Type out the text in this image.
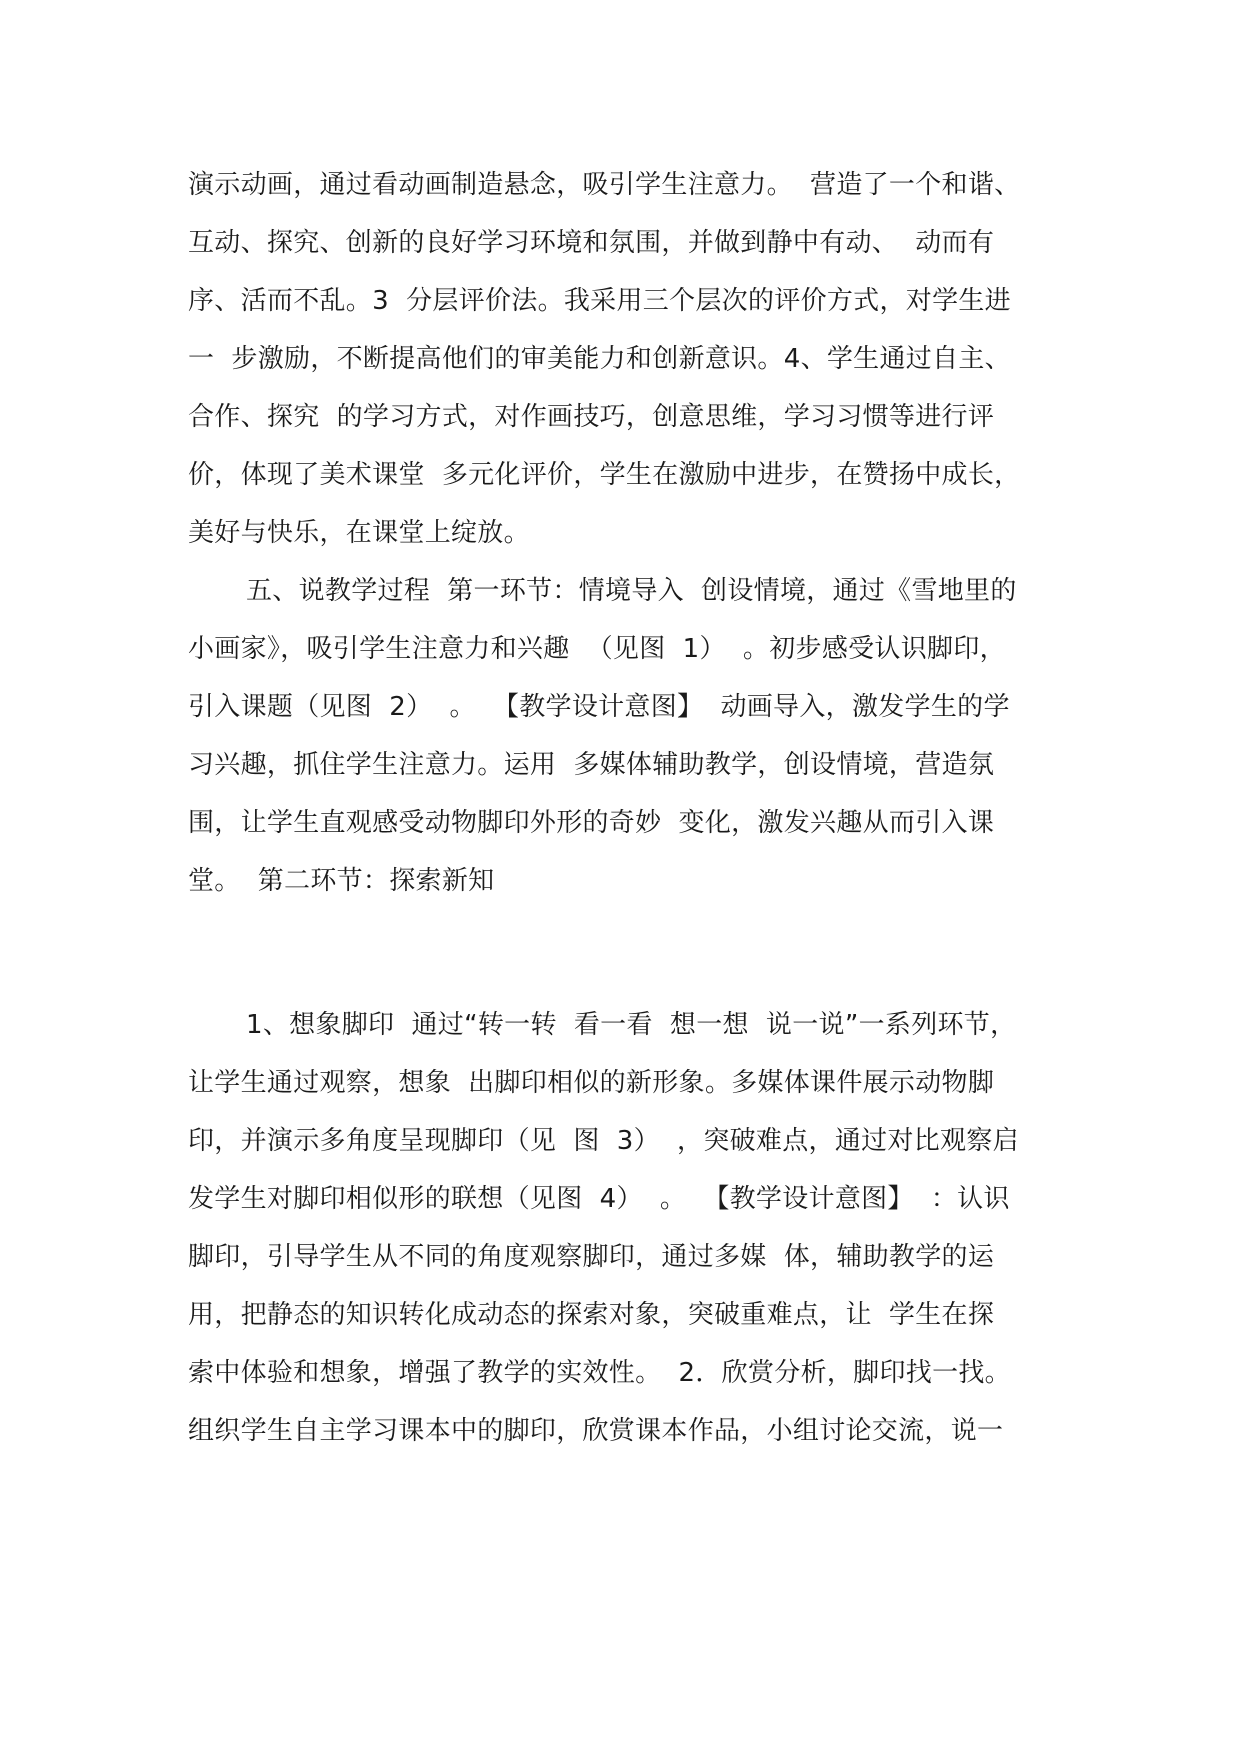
演示动画，通过看动画制造悬念，吸引学生注意力。  营造了一个和谐、
互动、探究、创新的良好学习环境和氛围，并做到静中有动、  动而有
序、活而不乱。3  分层评价法。我采用三个层次的评价方式，对学生进
一  步激励，不断提高他们的审美能力和创新意识。4、学生通过自主、
合作、探究  的学习方式，对作画技巧，创意思维，学习习惯等进行评
价，体现了美术课堂  多元化评价，学生在激励中进步，在赞扬中成长，
美好与快乐，在课堂上绽放。
五、说教学过程  第一环节：情境导入  创设情境，通过《雪地里的
小画家》，吸引学生注意力和兴趣  （见图  1）  。初步感受认识脚印，
引入课题（见图  2）  。  【教学设计意图】  动画导入，激发学生的学
习兴趣，抓住学生注意力。运用  多媒体辅助教学，创设情境，营造氛
围，让学生直观感受动物脚印外形的奇妙  变化，激发兴趣从而引入课
堂。  第二环节：探索新知
1、想象脚印  通过“转一转  看一看  想一想  说一说”一系列环节，
让学生通过观察，想象  出脚印相似的新形象。多媒体课件展示动物脚
印，并演示多角度呈现脚印（见  图  3）  ，突破难点，通过对比观察启
发学生对脚印相似形的联想（见图  4）  。  【教学设计意图】  ：认识
脚印，引导学生从不同的角度观察脚印，通过多媒  体，辅助教学的运
用，把静态的知识转化成动态的探索对象，突破重难点，让  学生在探
索中体验和想象，增强了教学的实效性。  2．欣赏分析，脚印找一找。
组织学生自主学习课本中的脚印，欣赏课本作品，小组讨论交流，说一
